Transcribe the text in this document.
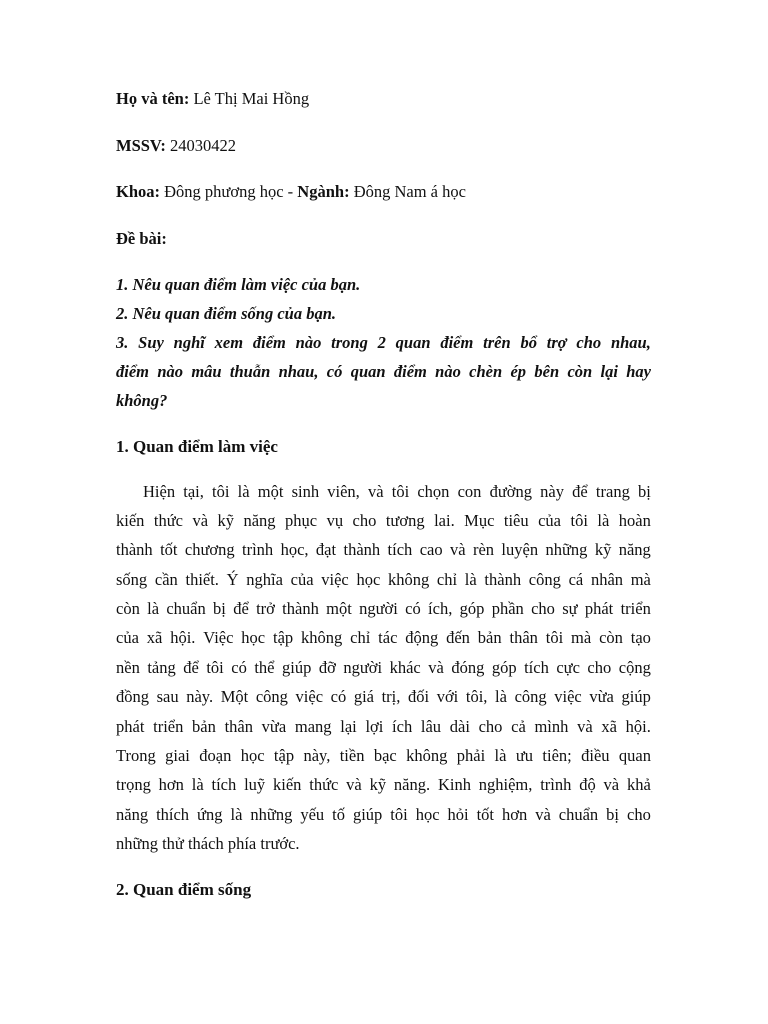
Họ và tên: Lê Thị Mai Hồng
MSSV: 24030422
Khoa: Đông phương học - Ngành: Đông Nam á học
Đề bài:
1. Nêu quan điểm làm việc của bạn.
2. Nêu quan điểm sống của bạn.
3. Suy nghĩ xem điểm nào trong 2 quan điểm trên bổ trợ cho nhau,
điểm nào mâu thuẫn nhau, có quan điểm nào chèn ép bên còn lại hay
không?
1. Quan điểm làm việc
Hiện tại, tôi là một sinh viên, và tôi chọn con đường này để trang bị
kiến thức và kỹ năng phục vụ cho tương lai. Mục tiêu của tôi là hoàn
thành tốt chương trình học, đạt thành tích cao và rèn luyện những kỹ năng
sống cần thiết. Ý nghĩa của việc học không chỉ là thành công cá nhân mà
còn là chuẩn bị để trở thành một người có ích, góp phần cho sự phát triển
của xã hội. Việc học tập không chỉ tác động đến bản thân tôi mà còn tạo
nền tảng để tôi có thể giúp đỡ người khác và đóng góp tích cực cho cộng
đồng sau này. Một công việc có giá trị, đối với tôi, là công việc vừa giúp
phát triển bản thân vừa mang lại lợi ích lâu dài cho cả mình và xã hội.
Trong giai đoạn học tập này, tiền bạc không phải là ưu tiên; điều quan
trọng hơn là tích luỹ kiến thức và kỹ năng. Kinh nghiệm, trình độ và khả
năng thích ứng là những yếu tố giúp tôi học hỏi tốt hơn và chuẩn bị cho
những thử thách phía trước.
2. Quan điểm sống
